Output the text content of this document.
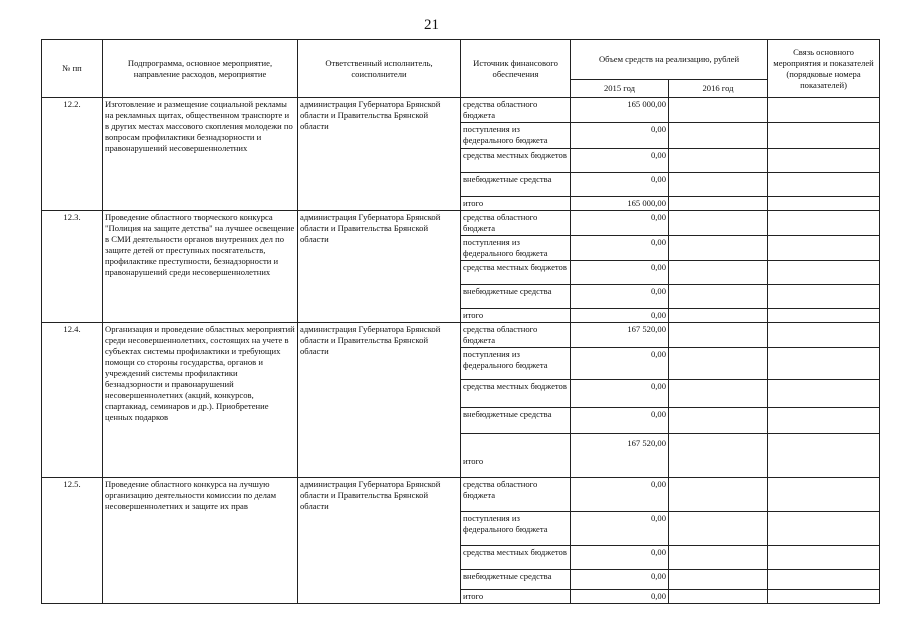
21
№ пп	Подпрограмма, основное мероприятие, направление расходов, мероприятие	Ответственный исполнитель, соисполнители	Источник финансового обеспечения	Объем средств на реализацию, рублей		Связь основного мероприятия и показателей (порядковые номера показателей)
				2015 год	2016 год	
12.2.	Изготовление и размещение социальной рекламы на рекламных щитах, общественном транспорте и в других местах массового скопления молодежи по вопросам профилактики безнадзорности и правонарушений несовершеннолетних	администрация Губернатора Брянской области и Правительства Брянской области	средства областного бюджета	165 000,00		
			поступления из федерального бюджета	0,00		
			средства местных бюджетов	0,00		
			внебюджетные средства	0,00		
			итого	165 000,00		
12.3.	Проведение областного творческого конкурса "Полиция на защите детства" на лучшее освещение в СМИ деятельности органов внутренних дел по защите детей от преступных посягательств, профилактике преступности, безнадзорности и правонарушений среди несовершеннолетних	администрация Губернатора Брянской области и Правительства Брянской области	средства областного бюджета	0,00		
			поступления из федерального бюджета	0,00		
			средства местных бюджетов	0,00		
			внебюджетные средства	0,00		
			итого	0,00		
12.4.	Организация и проведение областных мероприятий среди несовершеннолетних, состоящих на учете в субъектах системы профилактики и требующих помощи со стороны государства, органов и учреждений системы профилактики безнадзорности и правонарушений несовершеннолетних (акций, конкурсов, спартакиад, семинаров и др.). Приобретение ценных подарков	администрация Губернатора Брянской области и Правительства Брянской области	средства областного бюджета	167 520,00		
			поступления из федерального бюджета	0,00		
			средства местных бюджетов	0,00		
			внебюджетные средства	0,00		
			итого	167 520,00		
12.5.	Проведение областного конкурса на лучшую организацию деятельности комиссии по делам несовершеннолетних и защите их прав	администрация Губернатора Брянской области и Правительства Брянской области	средства областного бюджета	0,00		
			поступления из федерального бюджета	0,00		
			средства местных бюджетов	0,00		
			внебюджетные средства	0,00		
			итого	0,00		
